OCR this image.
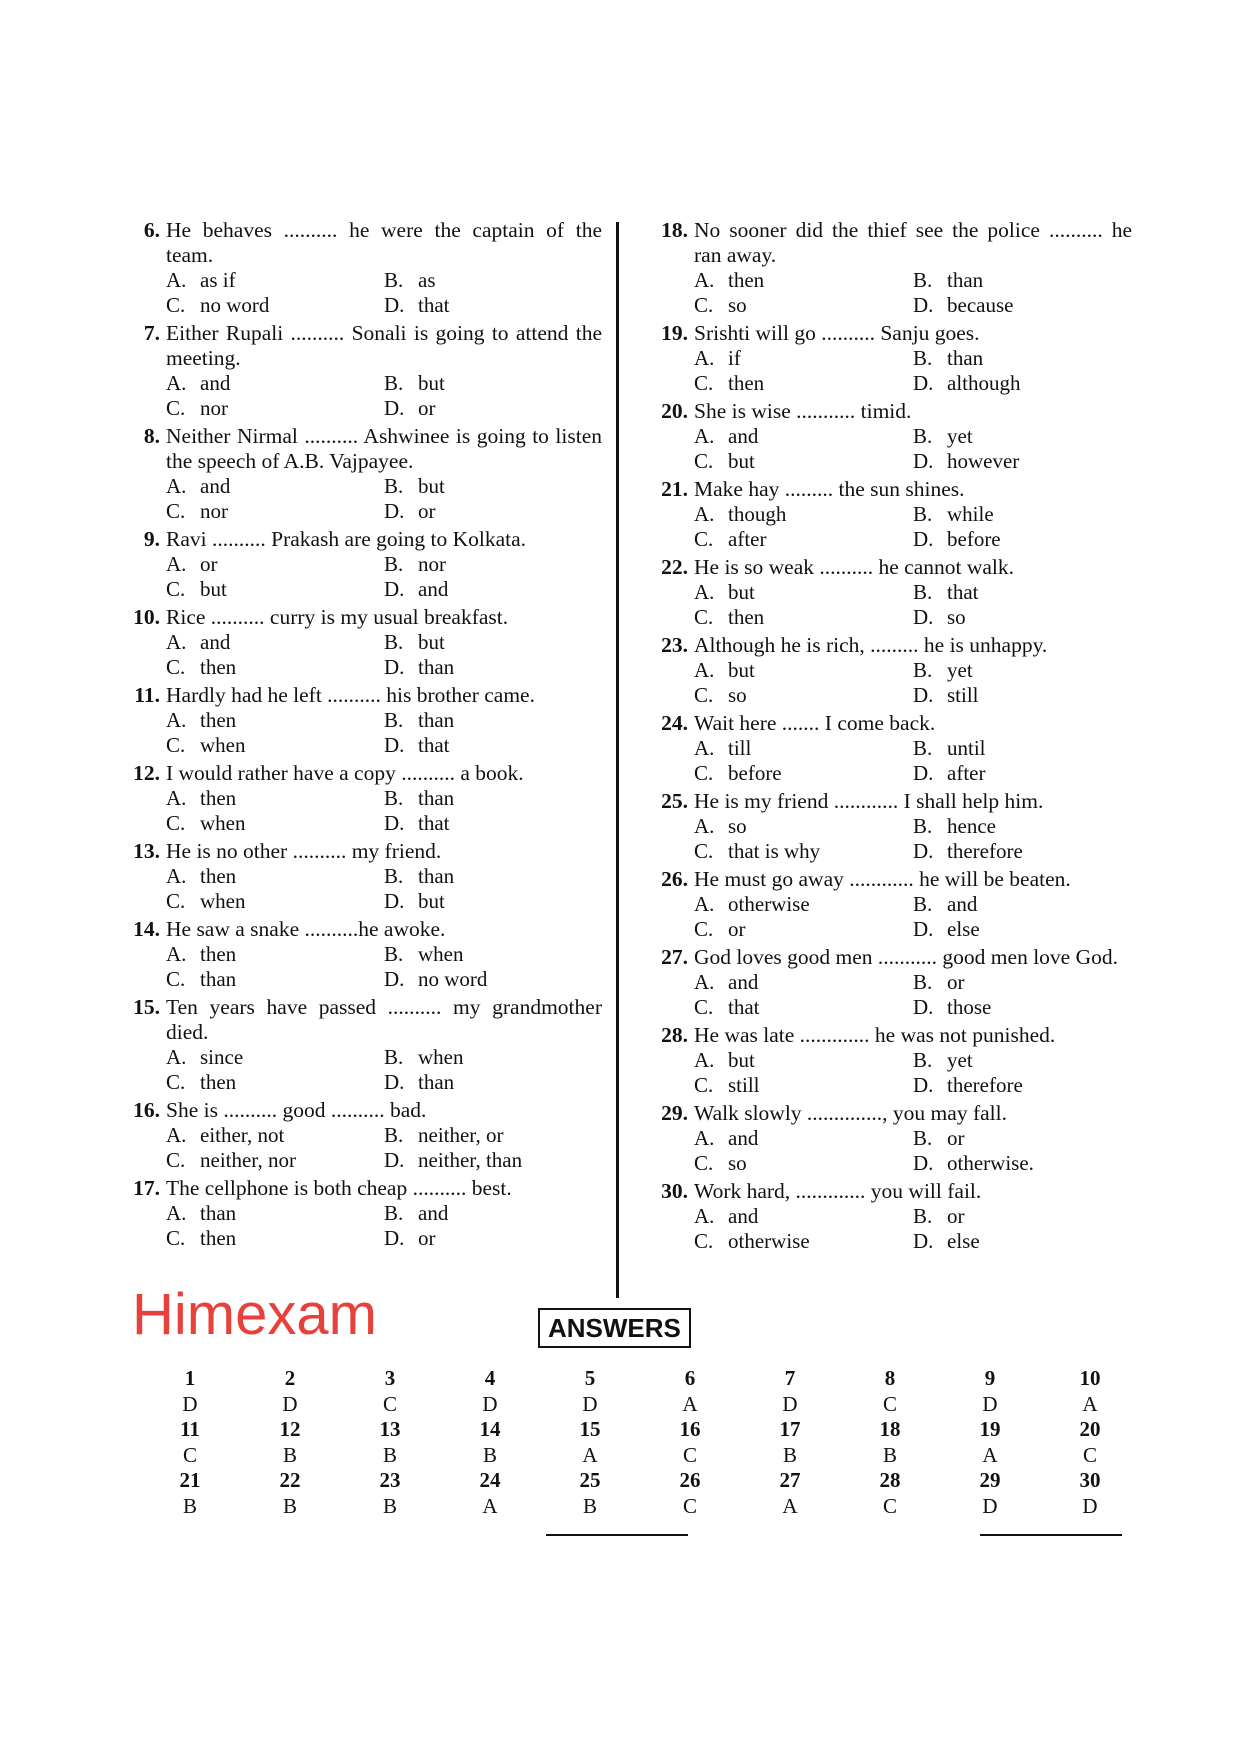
6. He behaves .......... he were the captain of the team.
A. as if	B. as
C. no word	D. that
7. Either Rupali .......... Sonali is going to attend the meeting.
A. and	B. but
C. nor	D. or
8. Neither Nirmal .......... Ashwinee is going to listen the speech of A.B. Vajpayee.
A. and	B. but
C. nor	D. or
9. Ravi .......... Prakash are going to Kolkata.
A. or	B. nor
C. but	D. and
10. Rice .......... curry is my usual breakfast.
A. and	B. but
C. then	D. than
11. Hardly had he left .......... his brother came.
A. then	B. than
C. when	D. that
12. I would rather have a copy .......... a book.
A. then	B. than
C. when	D. that
13. He is no other .......... my friend.
A. then	B. than
C. when	D. but
14. He saw a snake ..........he awoke.
A. then	B. when
C. than	D. no word
15. Ten years have passed .......... my grandmother died.
A. since	B. when
C. then	D. than
16. She is .......... good .......... bad.
A. either, not	B. neither, or
C. neither, nor	D. neither, than
17. The cellphone is both cheap .......... best.
A. than	B. and
C. then	D. or
18. No sooner did the thief see the police .......... he ran away.
A. then	B. than
C. so	D. because
19. Srishti will go .......... Sanju goes.
A. if	B. than
C. then	D. although
20. She is wise ........... timid.
A. and	B. yet
C. but	D. however
21. Make hay ......... the sun shines.
A. though	B. while
C. after	D. before
22. He is so weak .......... he cannot walk.
A. but	B. that
C. then	D. so
23. Although he is rich, ......... he is unhappy.
A. but	B. yet
C. so	D. still
24. Wait here ....... I come back.
A. till	B. until
C. before	D. after
25. He is my friend ............ I shall help him.
A. so	B. hence
C. that is why	D. therefore
26. He must go away ............ he will be beaten.
A. otherwise	B. and
C. or	D. else
27. God loves good men ........... good men love God.
A. and	B. or
C. that	D. those
28. He was late ............. he was not punished.
A. but	B. yet
C. still	D. therefore
29. Walk slowly .............., you may fall.
A. and	B. or
C. so	D. otherwise.
30. Work hard, ............. you will fail.
A. and	B. or
C. otherwise	D. else
Himexam	ANSWERS
1	2	3	4	5	6	7	8	9	10
D	D	C	D	D	A	D	C	D	A
11	12	13	14	15	16	17	18	19	20
C	B	B	B	A	C	B	B	A	C
21	22	23	24	25	26	27	28	29	30
B	B	B	A	B	C	A	C	D	D
